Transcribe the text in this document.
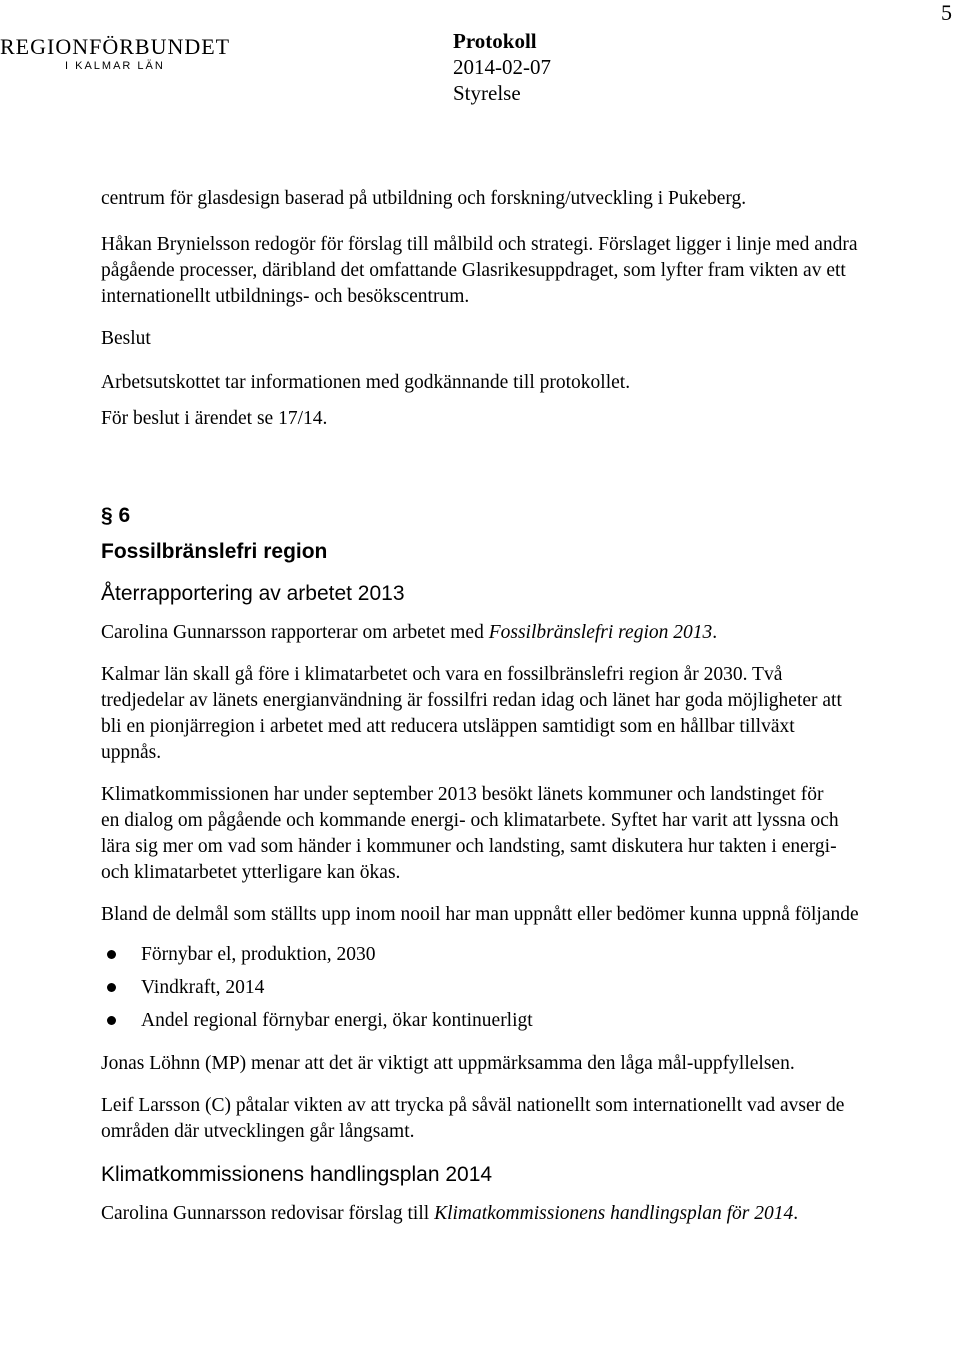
5
REGIONFÖRBUNDET
I KALMAR LÄN
Protokoll
2014-02-07
Styrelse

centrum för glasdesign baserad på utbildning och forskning/utveckling i Pukeberg.

Håkan Brynielsson redogör för förslag till målbild och strategi. Förslaget ligger i linje med andra pågående processer, däribland det omfattande Glasrikesuppdraget, som lyfter fram vikten av ett internationellt utbildnings- och besökscentrum.

Beslut

Arbetsutskottet tar informationen med godkännande till protokollet.

För beslut i ärendet se 17/14.

§ 6
Fossilbränslefri region
Återrapportering av arbetet 2013

Carolina Gunnarsson rapporterar om arbetet med Fossilbränslefri region 2013.

Kalmar län skall gå före i klimatarbetet och vara en fossilbränslefri region år 2030. Två tredjedelar av länets energianvändning är fossilfri redan idag och länet har goda möjligheter att bli en pionjärregion i arbetet med att reducera utsläppen samtidigt som en hållbar tillväxt uppnås.

Klimatkommissionen har under september 2013 besökt länets kommuner och landstinget för en dialog om pågående och kommande energi- och klimatarbete. Syftet har varit att lyssna och lära sig mer om vad som händer i kommuner och landsting, samt diskutera hur takten i energi- och klimatarbetet ytterligare kan ökas.

Bland de delmål som ställts upp inom nooil har man uppnått eller bedömer kunna uppnå följande

Förnybar el, produktion, 2030
Vindkraft, 2014
Andel regional förnybar energi, ökar kontinuerligt

Jonas Löhnn (MP) menar att det är viktigt att uppmärksamma den låga mål-uppfyllelsen.

Leif Larsson (C) påtalar vikten av att trycka på såväl nationellt som internationellt vad avser de områden där utvecklingen går långsamt.

Klimatkommissionens handlingsplan 2014

Carolina Gunnarsson redovisar förslag till Klimatkommissionens handlingsplan för 2014.
